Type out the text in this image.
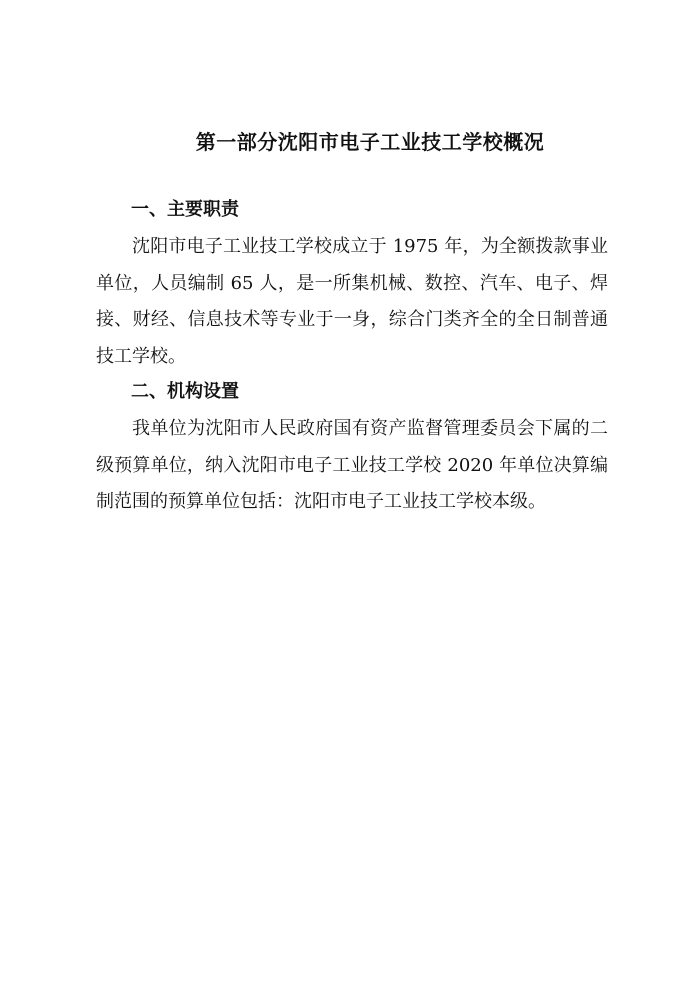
第一部分沈阳市电子工业技工学校概况
一、主要职责

沈阳市电子工业技工学校成立于 1975 年，为全额拨款事业单位，人员编制 65 人，是一所集机械、数控、汽车、电子、焊接、财经、信息技术等专业于一身，综合门类齐全的全日制普通技工学校。

二、机构设置

我单位为沈阳市人民政府国有资产监督管理委员会下属的二级预算单位，纳入沈阳市电子工业技工学校 2020 年单位决算编制范围的预算单位包括：沈阳市电子工业技工学校本级。
